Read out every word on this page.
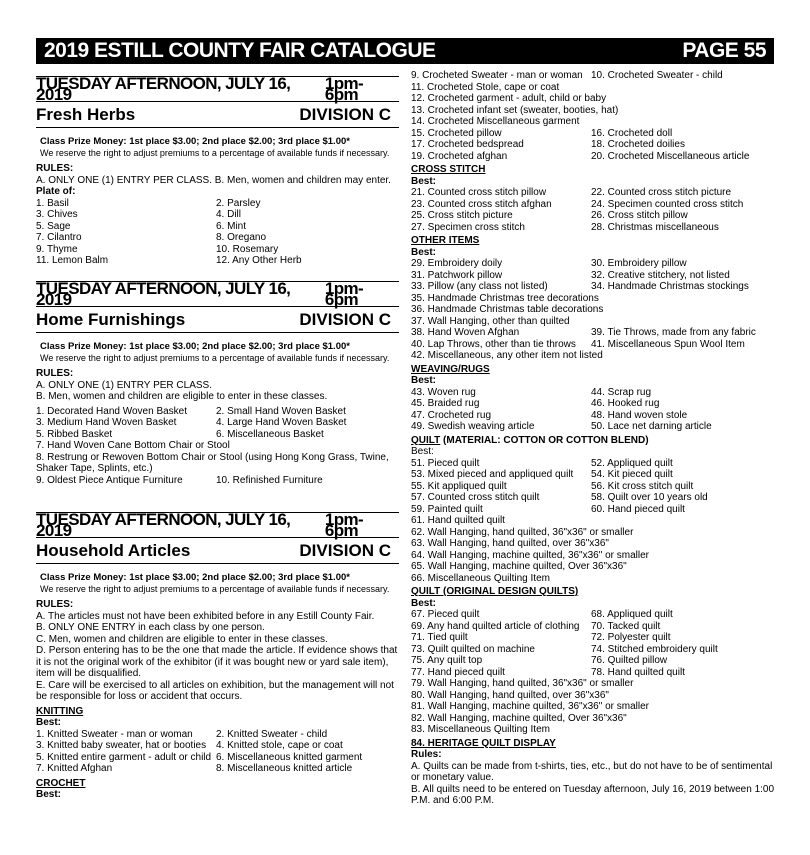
2019 ESTILL COUNTY FAIR CATALOGUE	PAGE 55
TUESDAY AFTERNOON, JULY 16, 2019
1pm-6pm
Fresh Herbs	DIVISION C
Class Prize Money: 1st place $3.00; 2nd place $2.00; 3rd place $1.00*
We reserve the right to adjust premiums to a percentage of available funds if necessary.
RULES:
A. ONLY ONE (1) ENTRY PER CLASS. B. Men, women and children may enter.
Plate of:
1. Basil	2. Parsley
3. Chives	4. Dill
5. Sage	6. Mint
7. Cilantro	8. Oregano
9. Thyme	10. Rosemary
11. Lemon Balm	12. Any Other Herb
TUESDAY AFTERNOON, JULY 16, 2019
1pm-6pm
Home Furnishings	DIVISION C
Class Prize Money: 1st place $3.00; 2nd place $2.00; 3rd place $1.00*
We reserve the right to adjust premiums to a percentage of available funds if necessary.
RULES:
A. ONLY ONE (1) ENTRY PER CLASS.
B. Men, women and children are eligible to enter in these classes.
1. Decorated Hand Woven Basket	2. Small Hand Woven Basket
3. Medium Hand Woven Basket	4. Large Hand Woven Basket
5. Ribbed Basket	6. Miscellaneous Basket
7. Hand Woven Cane Bottom Chair or Stool
8. Restrung or Rewoven Bottom Chair or Stool (using Hong Kong Grass, Twine, Shaker Tape, Splints, etc.)
9. Oldest Piece Antique Furniture	10. Refinished Furniture
TUESDAY AFTERNOON, JULY 16, 2019
1pm-6pm
Household Articles	DIVISION C
Class Prize Money: 1st place $3.00; 2nd place $2.00; 3rd place $1.00*
We reserve the right to adjust premiums to a percentage of available funds if necessary.
RULES:
A. The articles must not have been exhibited before in any Estill County Fair.
B. ONLY ONE ENTRY in each class by one person.
C. Men, women and children are eligible to enter in these classes.
D. Person entering has to be the one that made the article. If evidence shows that it is not the original work of the exhibitor (if it was bought new or yard sale item), item will be disqualified.
E. Care will be exercised to all articles on exhibition, but the management will not be responsible for loss or accident that occurs.
KNITTING
Best:
1. Knitted Sweater - man or woman	2. Knitted Sweater - child
3. Knitted baby sweater, hat or booties 4. Knitted stole, cape or coat
5. Knitted entire garment - adult or child 6. Miscellaneous knitted garment
7. Knitted Afghan	8. Miscellaneous knitted article
CROCHET
Best:
9. Crocheted Sweater - man or woman 10. Crocheted Sweater - child
11. Crocheted Stole, cape or coat
12. Crocheted garment - adult, child or baby
13. Crocheted infant set (sweater, booties, hat)
14. Crocheted Miscellaneous garment
15. Crocheted pillow	16. Crocheted doll
17. Crocheted bedspread	18. Crocheted doilies
19. Crocheted afghan	20. Crocheted Miscellaneous article
CROSS STITCH
Best:
21. Counted cross stitch pillow	22. Counted cross stitch picture
23. Counted cross stitch afghan	24. Specimen counted cross stitch
25. Cross stitch picture	26. Cross stitch pillow
27. Specimen cross stitch	28. Christmas miscellaneous
OTHER ITEMS
Best:
29. Embroidery doily	30. Embroidery pillow
31. Patchwork pillow	32. Creative stitchery, not listed
33. Pillow (any class not listed)	34. Handmade Christmas stockings
35. Handmade Christmas tree decorations
36. Handmade Christmas table decorations
37. Wall Hanging, other than quilted
38. Hand Woven Afghan	39. Tie Throws, made from any fabric
40. Lap Throws, other than tie throws	41. Miscellaneous Spun Wool Item
42. Miscellaneous, any other item not listed
WEAVING/RUGS
Best:
43. Woven rug	44. Scrap rug
45. Braided rug	46. Hooked rug
47. Crocheted rug	48. Hand woven stole
49. Swedish weaving article	50. Lace net darning article
QUILT (MATERIAL: COTTON OR COTTON BLEND)
Best:
51. Pieced quilt	52. Appliqued quilt
53. Mixed pieced and appliqued quilt	54. Kit pieced quilt
55. Kit appliqued quilt	56. Kit cross stitch quilt
57. Counted cross stitch quilt	58. Quilt over 10 years old
59. Painted quilt	60. Hand pieced quilt
61. Hand quilted quilt
62. Wall Hanging, hand quilted, 36"x36" or smaller
63. Wall Hanging, hand quilted, over 36"x36"
64. Wall Hanging, machine quilted, 36"x36" or smaller
65. Wall Hanging, machine quilted, Over 36"x36"
66. Miscellaneous Quilting Item
QUILT (ORIGINAL DESIGN QUILTS)
Best:
67. Pieced quilt	68. Appliqued quilt
69. Any hand quilted article of clothing	70. Tacked quilt
71. Tied quilt	72. Polyester quilt
73. Quilt quilted on machine	74. Stitched embroidery quilt
75. Any quilt top	76. Quilted pillow
77. Hand pieced quilt	78. Hand quilted quilt
79. Wall Hanging, hand quilted, 36"x36" or smaller
80. Wall Hanging, hand quilted, over 36"x36"
81. Wall Hanging, machine quilted, 36"x36" or smaller
82. Wall Hanging, machine quilted, Over 36"x36"
83. Miscellaneous Quilting Item
84. HERITAGE QUILT DISPLAY
Rules:
A. Quilts can be made from t-shirts, ties, etc., but do not have to be of sentimental or monetary value.
B. All quilts need to be entered on Tuesday afternoon, July 16, 2019 between 1:00 P.M. and 6:00 P.M.
